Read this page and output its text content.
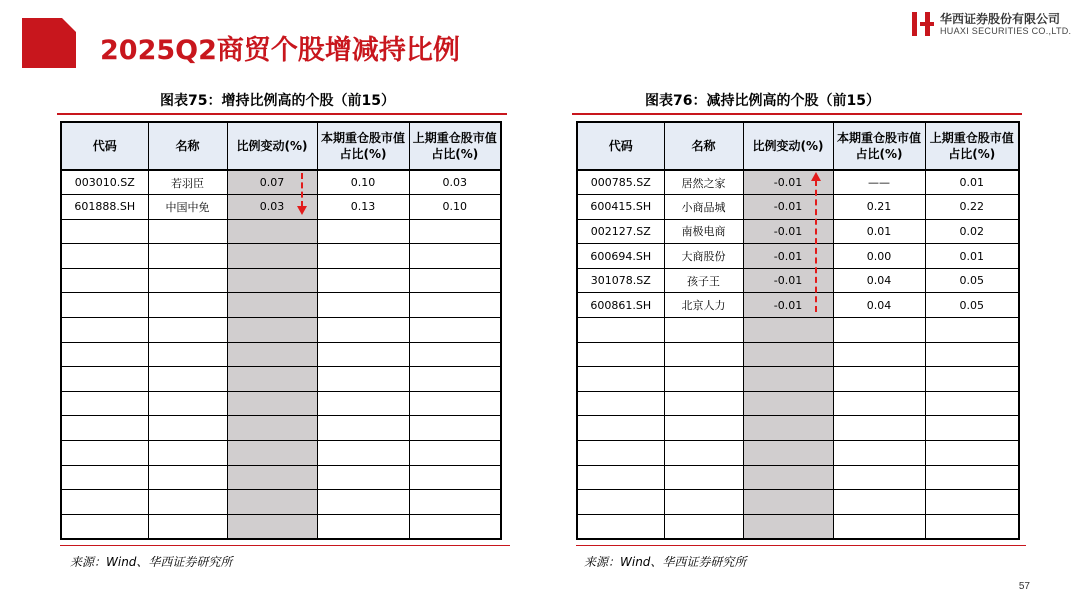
2025Q2商贸个股增减持比例
华西证券股份有限公司
HUAXI SECURITIES CO.,LTD.
图表75：增持比例高的个股（前15）	图表76：减持比例高的个股（前15）
代码	名称	比例变动(%)	本期重仓股市值占比(%)	上期重仓股市值占比(%)
003010.SZ	若羽臣	0.07	0.10	0.03
601888.SH	中国中免	0.03	0.13	0.10

代码	名称	比例变动(%)	本期重仓股市值占比(%)	上期重仓股市值占比(%)
000785.SZ	居然之家	-0.01	——	0.01
600415.SH	小商品城	-0.01	0.21	0.22
002127.SZ	南极电商	-0.01	0.01	0.02
600694.SH	大商股份	-0.01	0.00	0.01
301078.SZ	孩子王	-0.01	0.04	0.05
600861.SH	北京人力	-0.01	0.04	0.05

来源：Wind、华西证券研究所	来源：Wind、华西证券研究所
57
